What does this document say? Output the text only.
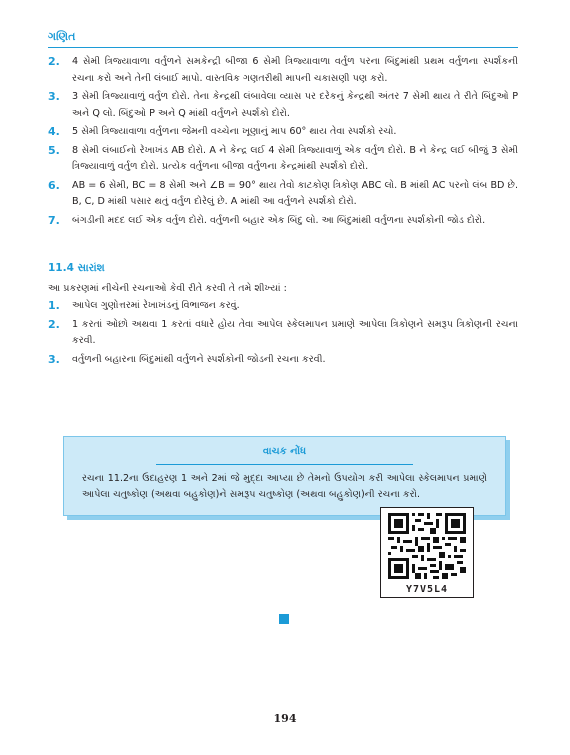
ગણિત
2.	4 સેમી ત્રિજ્યાવાળા વર્તુળને સમકેન્દ્રી બીજા 6 સેમી ત્રિજ્યાવાળા વર્તુળ પરના બિંદુમાંથી પ્રથમ વર્તુળના સ્પર્શકની રચના કરો અને તેની લંબાઈ માપો. વાસ્તવિક ગણતરીથી માપની ચકાસણી પણ કરો.
3.	3 સેમી ત્રિજ્યાવાળું વર્તુળ દોરો. તેના કેન્દ્રથી લંબાવેલા વ્યાસ પર દરેકનું કેન્દ્રથી અંતર 7 સેમી થાય તે રીતે બિંદુઓ P અને Q લો. બિંદુઓ P અને Q માંથી વર્તુળને સ્પર્શકો દોરો.
4.	5 સેમી ત્રિજ્યાવાળા વર્તુળના જેમની વચ્ચેના ખૂણાનું માપ 60° થાય તેવા સ્પર્શકો રચો.
5.	8 સેમી લંબાઈનો રેખાખંડ AB દોરો. A ને કેન્દ્ર લઈ 4 સેમી ત્રિજ્યાવાળું એક વર્તુળ દોરો. B ને કેન્દ્ર લઈ બીજું 3 સેમી ત્રિજ્યાવાળું વર્તુળ દોરો. પ્રત્યેક વર્તુળના બીજા વર્તુળના કેન્દ્રમાંથી સ્પર્શકો દોરો.
6.	AB = 6 સેમી, BC = 8 સેમી અને ∠B = 90° થાય તેવો કાટકોણ ત્રિકોણ ABC લો. B માંથી AC પરનો લંબ BD છે. B, C, D માંથી પસાર થતું વર્તુળ દોરેલું છે. A માંથી આ વર્તુળને સ્પર્શકો દોરો.
7.	બંગડીની મદદ લઈ એક વર્તુળ દોરો. વર્તુળની બહાર એક બિંદુ લો. આ બિંદુમાંથી વર્તુળના સ્પર્શકોની જોડ દોરો.
11.4 સારાંશ
આ પ્રકરણમાં નીચેની રચનાઓ કેવી રીતે કરવી તે તમે શીખ્યાં :
1.	આપેલ ગુણોત્તરમાં રેખાખંડનું વિભાજન કરવું.
2.	1 કરતાં ઓછો અથવા 1 કરતાં વધારે હોય તેવા આપેલ સ્કેલમાપન પ્રમાણે આપેલા ત્રિકોણને સમરૂપ ત્રિકોણની રચના કરવી.
3.	વર્તુળની બહારના બિંદુમાંથી વર્તુળને સ્પર્શકોની જોડની રચના કરવી.
વાચક નોંધ
રચના 11.2ના ઉદાહરણ 1 અને 2માં જે મુદ્દા આપ્યા છે તેમનો ઉપયોગ કરી આપેલા સ્કેલમાપન પ્રમાણે આપેલા ચતુષ્કોણ (અથવા બહુકોણ)ને સમરૂપ ચતુષ્કોણ (અથવા બહુકોણ)ની રચના કરો.
Y7V5L4
194
